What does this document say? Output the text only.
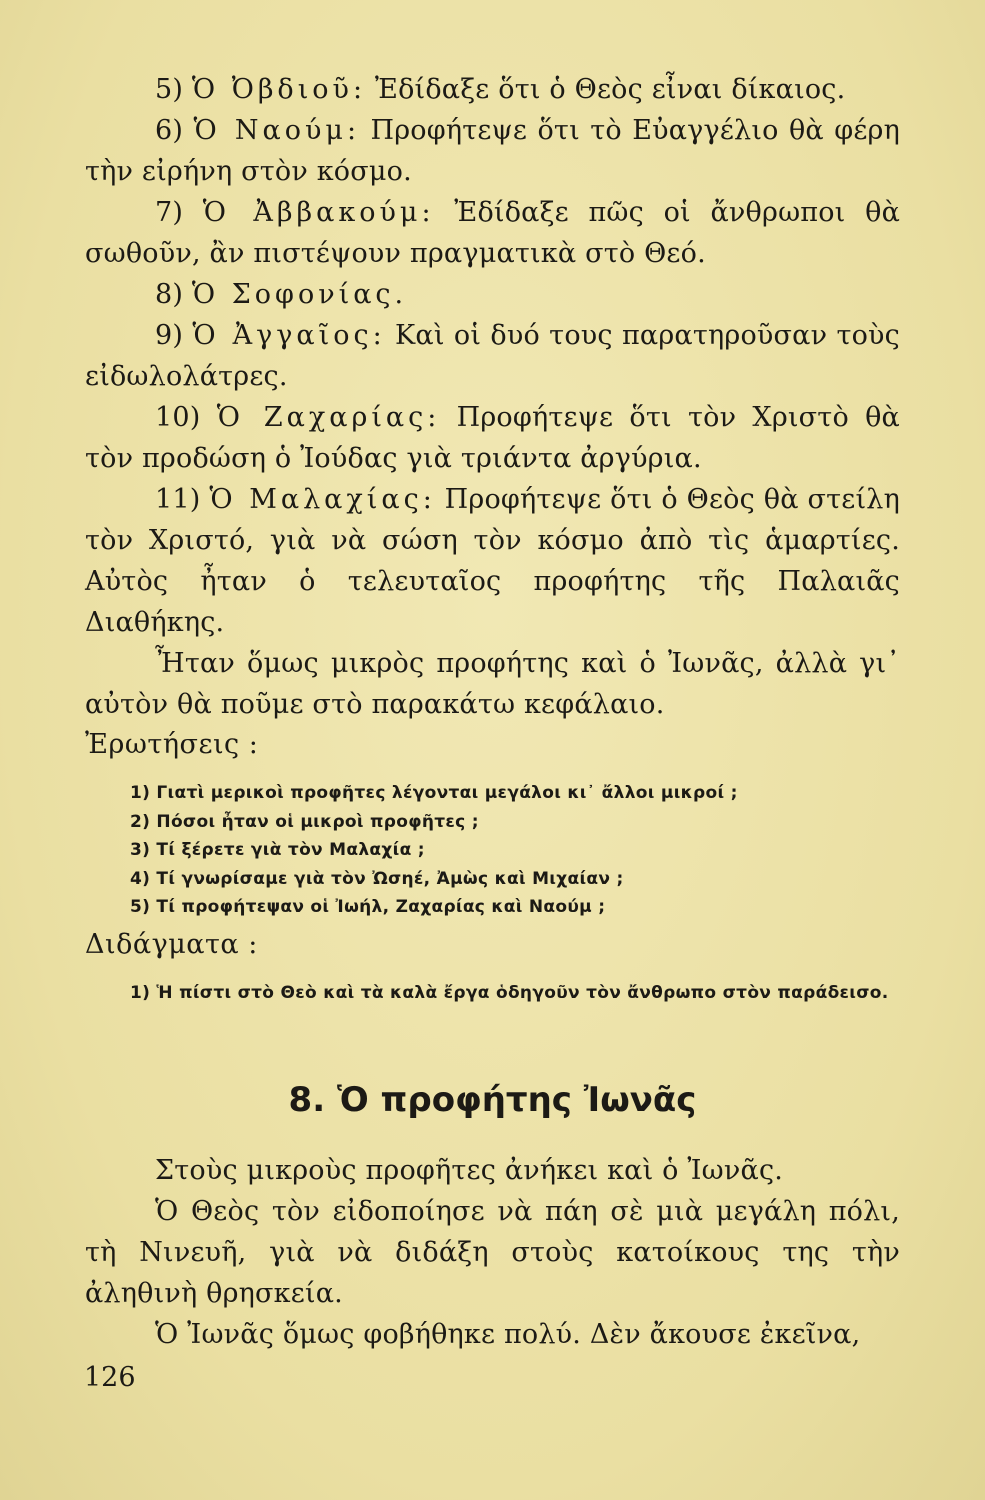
5) Ὁ Ὀβδιοῦ: Ἐδίδαξε ὅτι ὁ Θεὸς εἶναι δίκαιος.

6) Ὁ Ναούμ: Προφήτεψε ὅτι τὸ Εὐαγγέλιο θὰ φέρη τὴν εἰρήνη στὸν κόσμο.

7) Ὁ Ἀββακούμ: Ἐδίδαξε πῶς οἱ ἄνθρωποι θὰ σωθοῦν, ἂν πιστέψουν πραγματικὰ στὸ Θεό.

8) Ὁ Σοφονίας.

9) Ὁ Ἀγγαῖος: Καὶ οἱ δυό τους παρατηροῦσαν τοὺς εἰδωλολάτρες.

10) Ὁ Ζαχαρίας: Προφήτεψε ὅτι τὸν Χριστὸ θὰ τὸν προδώση ὁ Ἰούδας γιὰ τριάντα ἀργύρια.

11) Ὁ Μαλαχίας: Προφήτεψε ὅτι ὁ Θεὸς θὰ στείλη τὸν Χριστό, γιὰ νὰ σώση τὸν κόσμο ἀπὸ τὶς ἁμαρτίες. Αὐτὸς ἦταν ὁ τελευταῖος προφήτης τῆς Παλαιᾶς Διαθήκης.

Ἦταν ὅμως μικρὸς προφήτης καὶ ὁ Ἰωνᾶς, ἀλλὰ γι᾽ αὐτὸν θὰ ποῦμε στὸ παρακάτω κεφάλαιο.

Ἐρωτήσεις :

1) Γιατὶ μερικοὶ προφῆτες λέγονται μεγάλοι κι᾽ ἄλλοι μικροί ;

2) Πόσοι ἦταν οἱ μικροὶ προφῆτες ;

3) Τί ξέρετε γιὰ τὸν Μαλαχία ;

4) Τί γνωρίσαμε γιὰ τὸν Ὠσηέ, Ἀμὼς καὶ Μιχαίαν ;

5) Τί προφήτεψαν οἱ Ἰωήλ, Ζαχαρίας καὶ Ναούμ ;

Διδάγματα :

1) Ἡ πίστι στὸ Θεὸ καὶ τὰ καλὰ ἔργα ὁδηγοῦν τὸν ἄνθρωπο στὸν παράδεισο.

8. Ὁ προφήτης Ἰωνᾶς

Στοὺς μικροὺς προφῆτες ἀνήκει καὶ ὁ Ἰωνᾶς.

Ὁ Θεὸς τὸν εἰδοποίησε νὰ πάη σὲ μιὰ μεγάλη πόλι, τὴ Νινευῆ, γιὰ νὰ διδάξη στοὺς κατοίκους της τὴν ἀληθινὴ θρησκεία.

Ὁ Ἰωνᾶς ὅμως φοβήθηκε πολύ. Δὲν ἄκουσε ἐκεῖνα,

126
